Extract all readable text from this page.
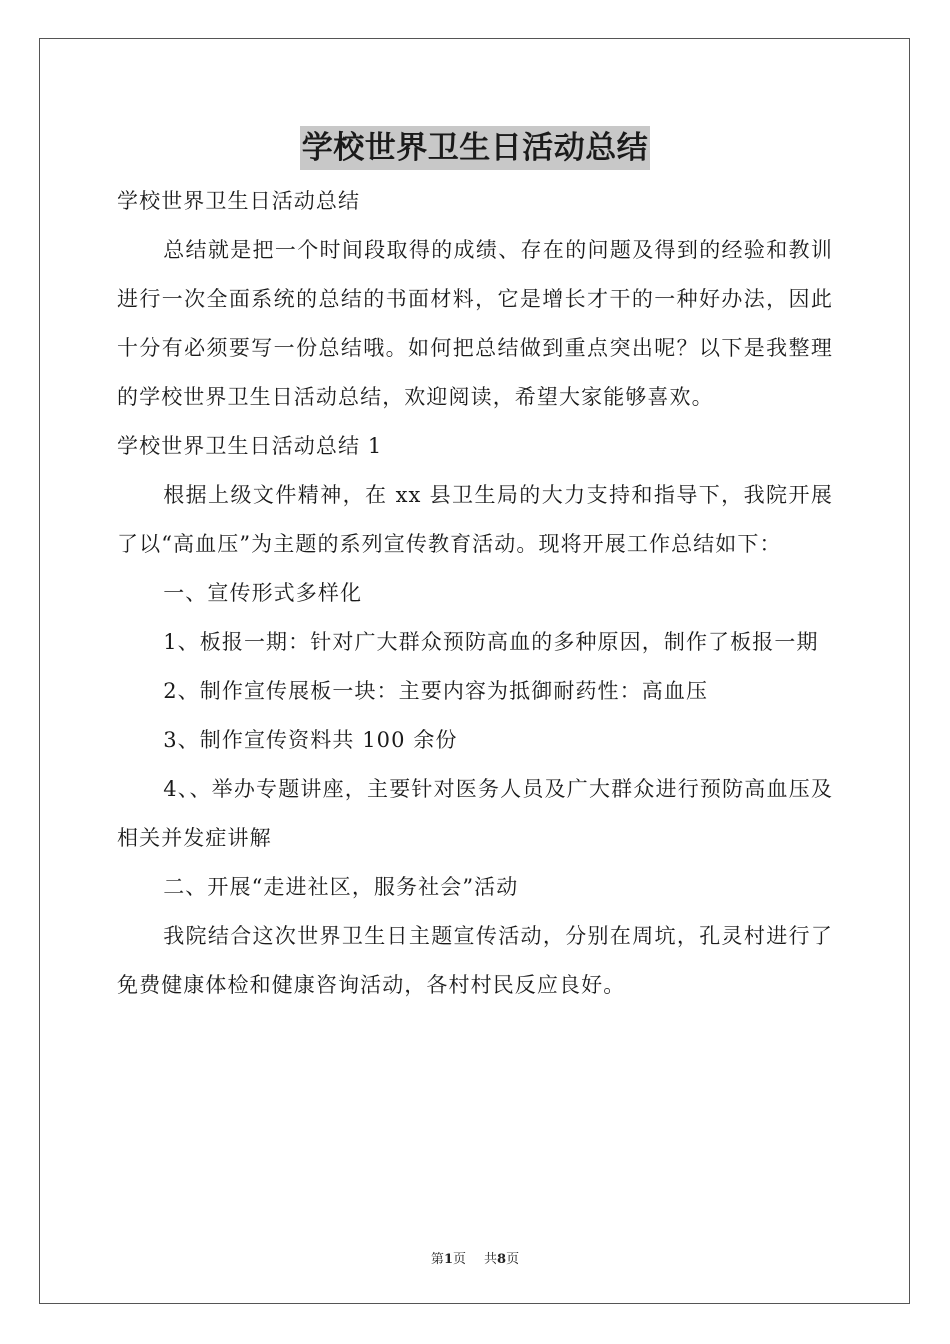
学校世界卫生日活动总结

学校世界卫生日活动总结

总结就是把一个时间段取得的成绩、存在的问题及得到的经验和教训进行一次全面系统的总结的书面材料，它是增长才干的一种好办法，因此十分有必须要写一份总结哦。如何把总结做到重点突出呢？以下是我整理的学校世界卫生日活动总结，欢迎阅读，希望大家能够喜欢。

学校世界卫生日活动总结 1

根据上级文件精神，在 xx 县卫生局的大力支持和指导下，我院开展了以“高血压”为主题的系列宣传教育活动。现将开展工作总结如下：

一、宣传形式多样化

1、板报一期：针对广大群众预防高血的多种原因，制作了板报一期

2、制作宣传展板一块：主要内容为抵御耐药性：高血压

3、制作宣传资料共 100 余份

4、、举办专题讲座，主要针对医务人员及广大群众进行预防高血压及相关并发症讲解

二、开展“走进社区，服务社会”活动

我院结合这次世界卫生日主题宣传活动，分别在周坑，孔灵村进行了免费健康体检和健康咨询活动，各村村民反应良好。

第1页 共8页
